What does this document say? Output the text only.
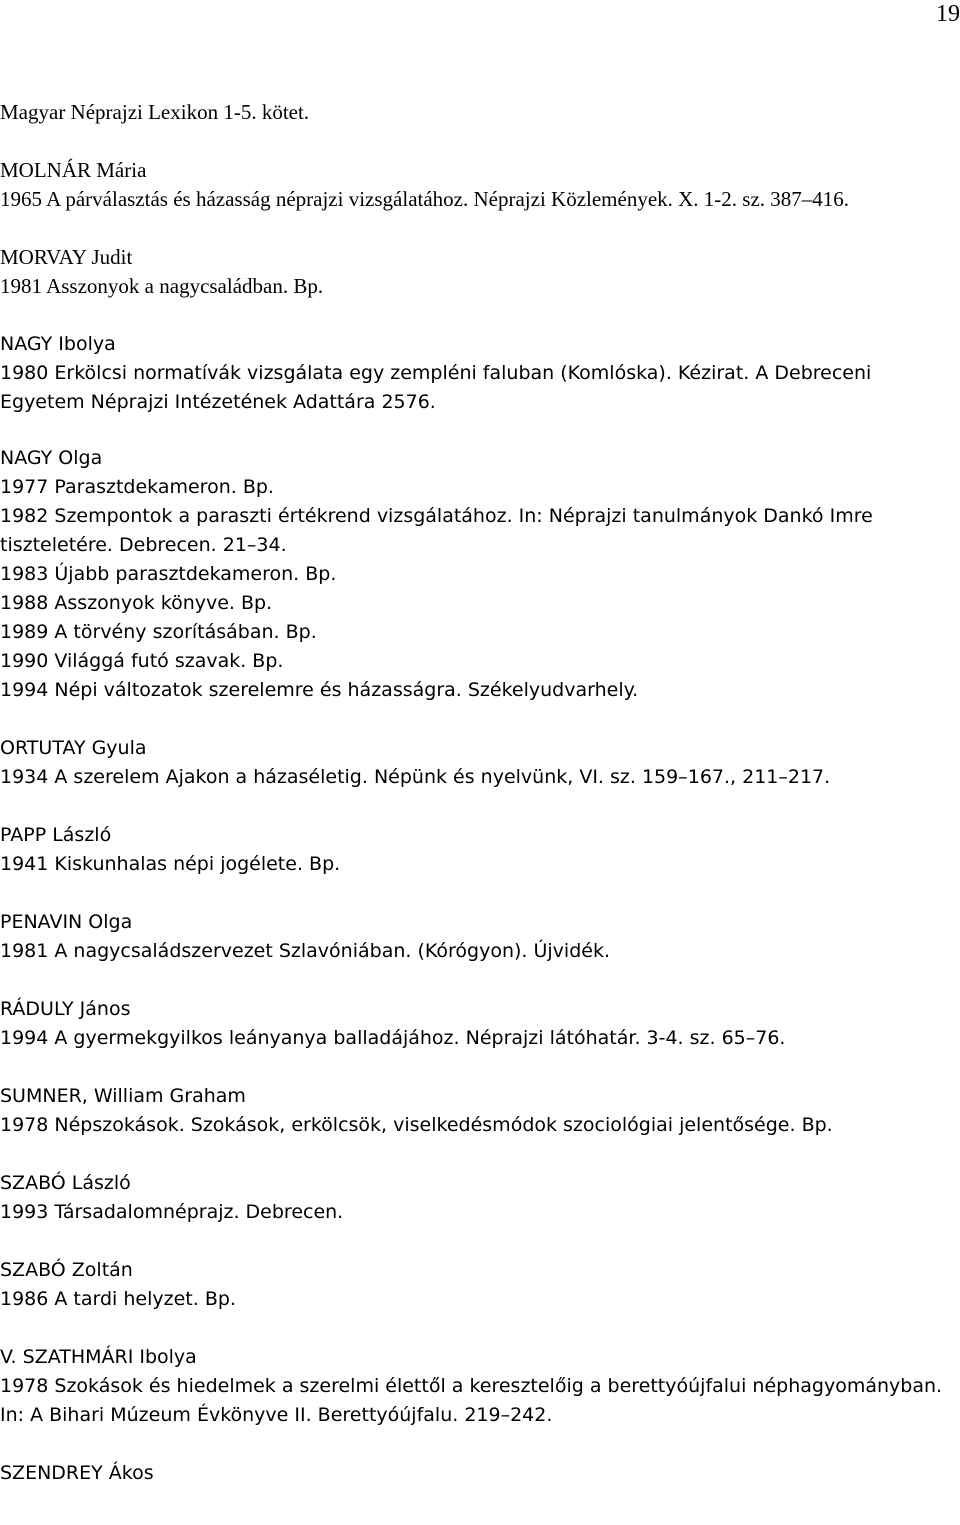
19
Magyar Néprajzi Lexikon 1-5. kötet.
MOLNÁR Mária
1965 A párválasztás és házasság néprajzi vizsgálatához. Néprajzi Közlemények. X. 1-2. sz. 387–416.
MORVAY Judit
1981 Asszonyok a nagycsaládban. Bp.
NAGY Ibolya
1980 Erkölcsi normatívák vizsgálata egy zempléni faluban (Komlóska). Kézirat. A Debreceni Egyetem Néprajzi Intézetének Adattára 2576.
NAGY Olga
1977 Parasztdekameron. Bp.
1982 Szempontok a paraszti értékrend vizsgálatához. In: Néprajzi tanulmányok Dankó Imre tiszteletére. Debrecen. 21–34.
1983 Újabb parasztdekameron. Bp.
1988 Asszonyok könyve. Bp.
1989 A törvény szorításában. Bp.
1990 Világgá futó szavak. Bp.
1994 Népi változatok szerelemre és házasságra. Székelyudvarhely.
ORTUTAY Gyula
1934 A szerelem Ajakon a házaséletig. Népünk és nyelvünk, VI. sz. 159–167., 211–217.
PAPP László
1941 Kiskunhalas népi jogélete. Bp.
PENAVIN Olga
1981 A nagycsaládszervezet Szlavóniában. (Kórógyon). Újvidék.
RÁDULY János
1994 A gyermekgyilkos leányanya balladájához. Néprajzi látóhatár. 3-4. sz. 65–76.
SUMNER, William Graham
1978 Népszokások. Szokások, erkölcsök, viselkedésmódok szociológiai jelentősége. Bp.
SZABÓ László
1993 Társadalomnéprajz. Debrecen.
SZABÓ Zoltán
1986 A tardi helyzet. Bp.
V. SZATHMÁRI Ibolya
1978 Szokások és hiedelmek a szerelmi élettől a keresztelőig a berettyóújfalui néphagyományban. In: A Bihari Múzeum Évkönyve II. Berettyóújfalu. 219–242.
SZENDREY Ákos
